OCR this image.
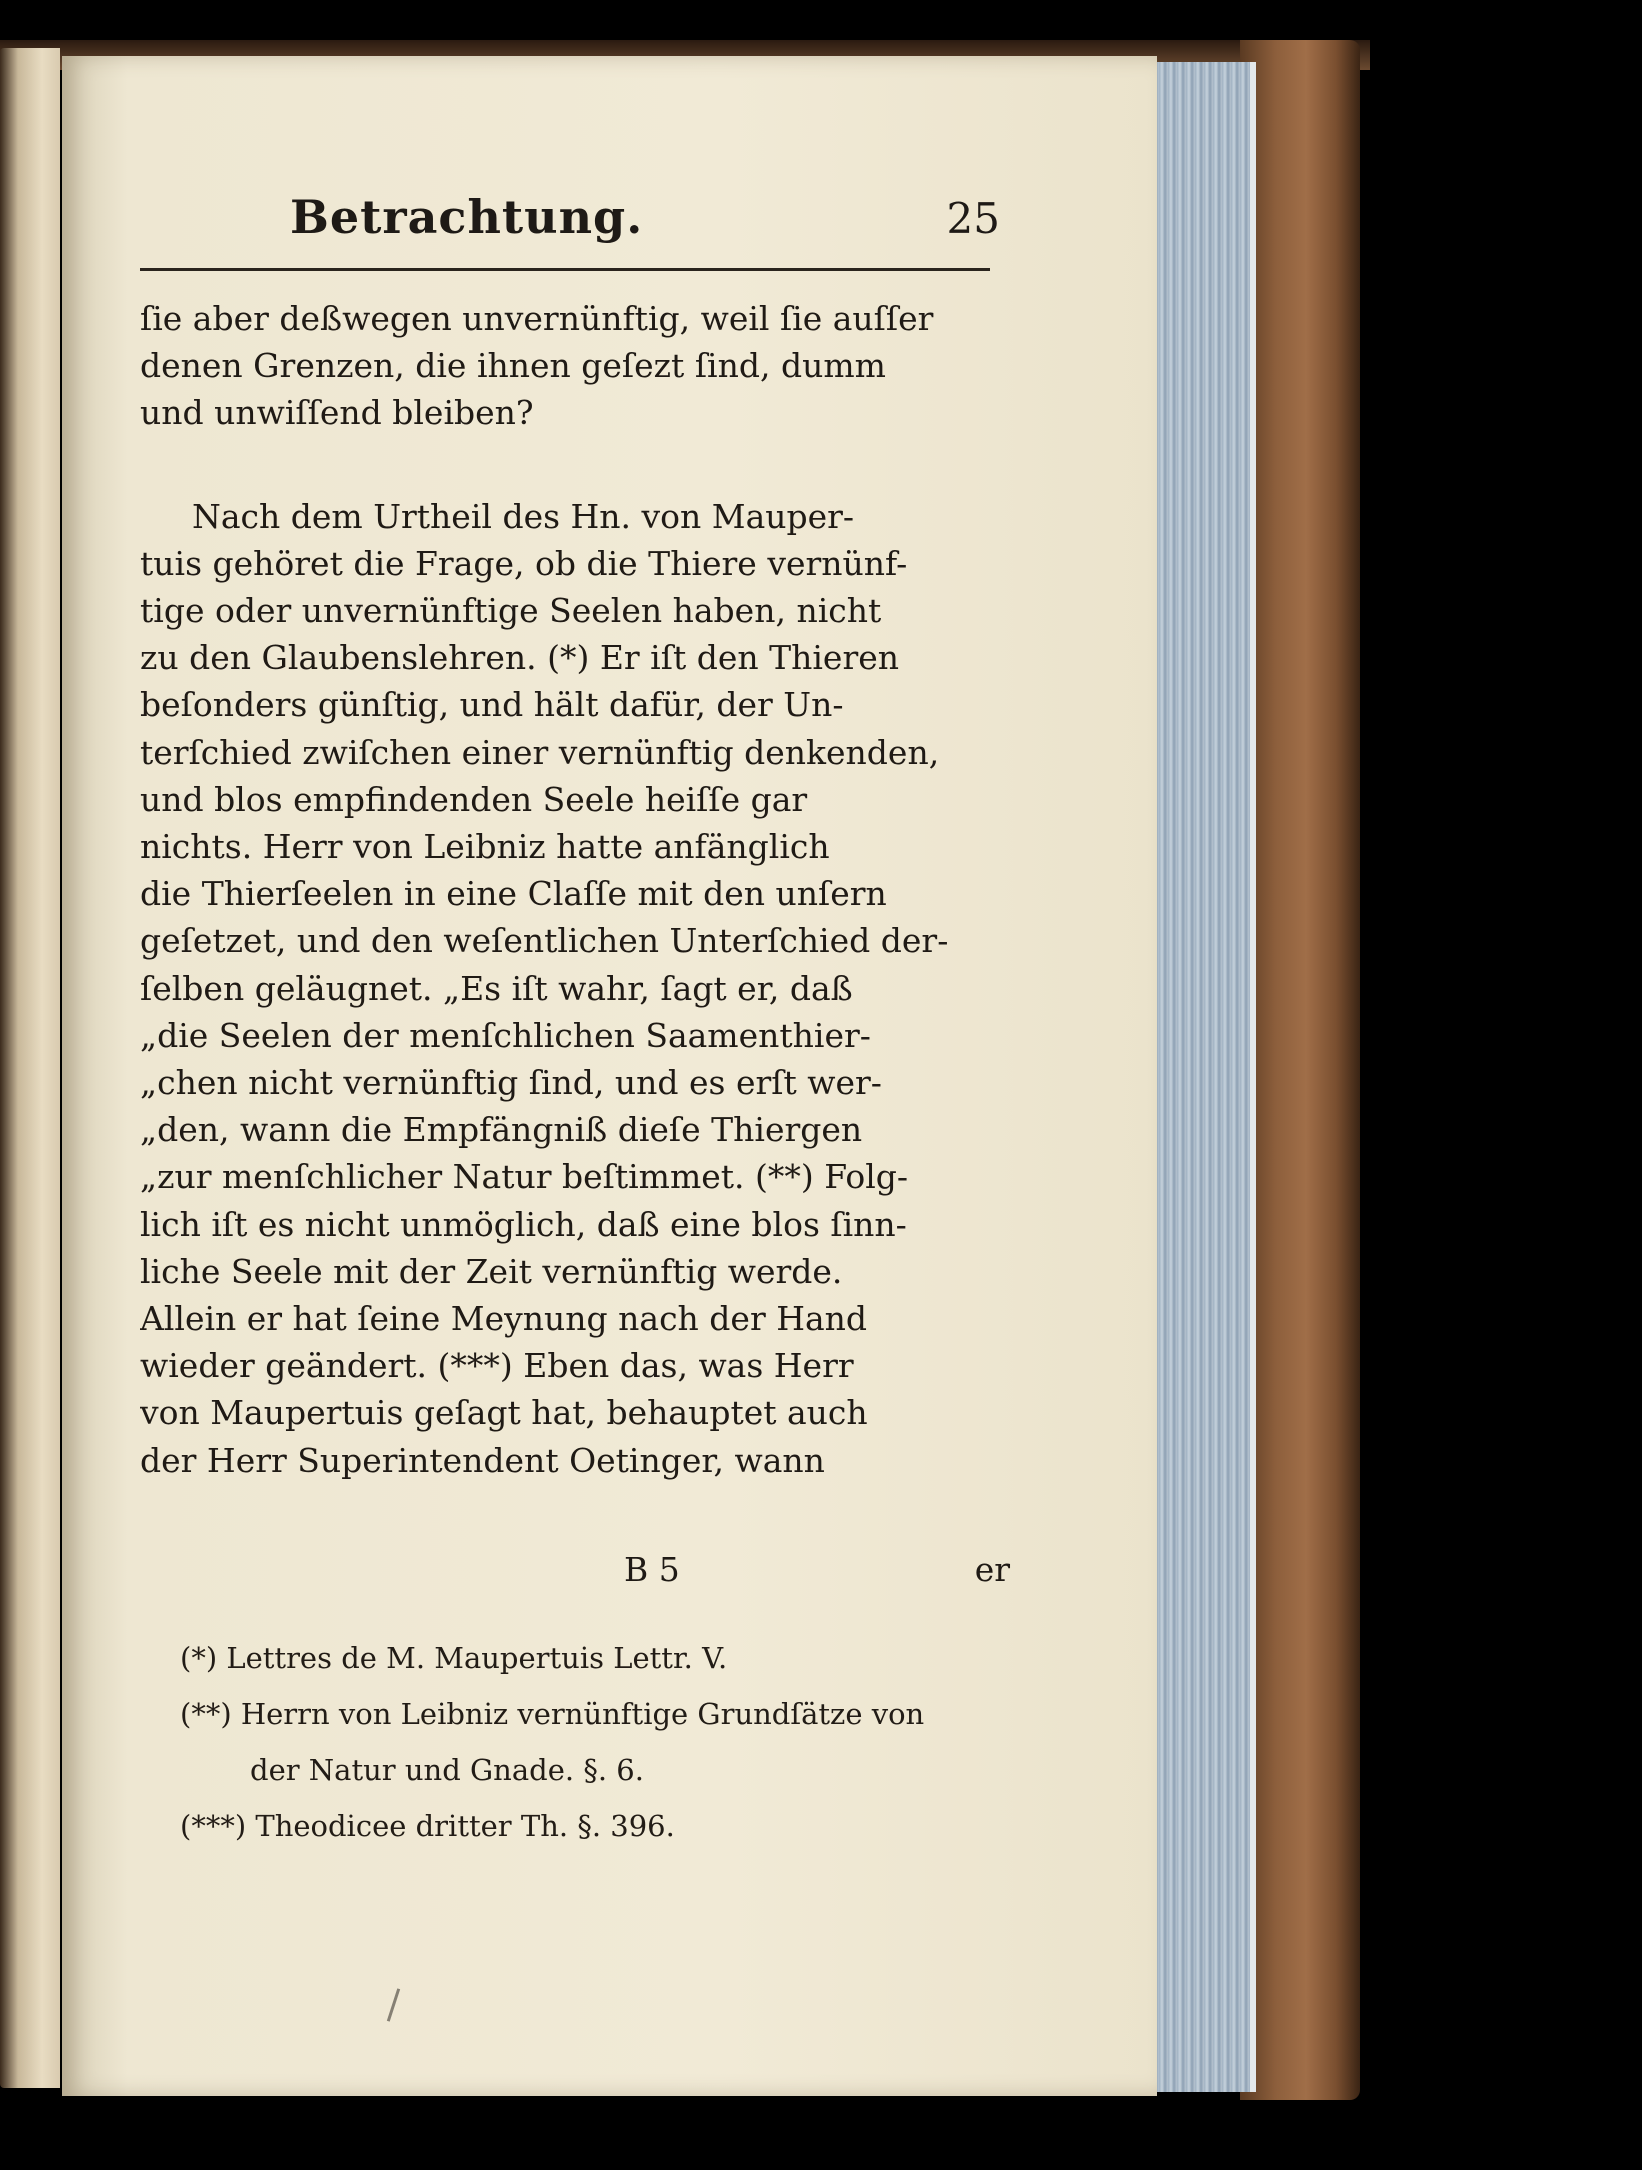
Betrachtung.	25
ſie aber deßwegen unvernünftig, weil ſie auſſer
denen Grenzen, die ihnen geſezt ſind, dumm
und unwiſſend bleiben?
Nach dem Urtheil des Hn. von Mauper-
tuis gehöret die Frage, ob die Thiere vernünf-
tige oder unvernünftige Seelen haben, nicht
zu den Glaubenslehren. (*) Er iſt den Thieren
beſonders günſtig, und hält dafür, der Un-
terſchied zwiſchen einer vernünftig denkenden,
und blos empfindenden Seele heiſſe gar
nichts. Herr von Leibniz hatte anfänglich
die Thierſeelen in eine Claſſe mit den unſern
geſetzet, und den weſentlichen Unterſchied der-
ſelben geläugnet. „Es iſt wahr, ſagt er, daß
„die Seelen der menſchlichen Saamenthier-
„chen nicht vernünftig ſind, und es erſt wer-
„den, wann die Empfängniß dieſe Thiergen
„zur menſchlicher Natur beſtimmet. (**) Folg-
lich iſt es nicht unmöglich, daß eine blos ſinn-
liche Seele mit der Zeit vernünftig werde.
Allein er hat ſeine Meynung nach der Hand
wieder geändert. (***) Eben das, was Herr
von Maupertuis geſagt hat, behauptet auch
der Herr Superintendent Oetinger, wann
B 5	er
(*) Lettres de M. Maupertuis Lettr. V.
(**) Herrn von Leibniz vernünftige Grundſätze von
der Natur und Gnade. §. 6.
(***) Theodicee dritter Th. §. 396.
